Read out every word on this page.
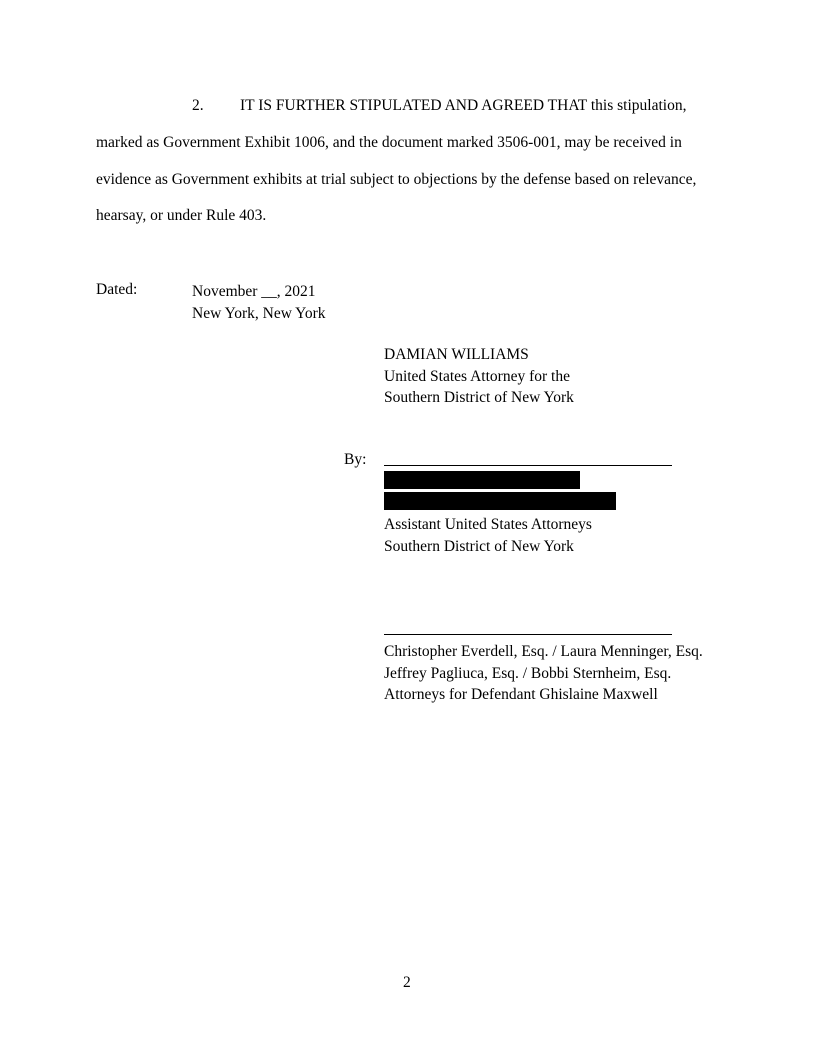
2. IT IS FURTHER STIPULATED AND AGREED THAT this stipulation,
marked as Government Exhibit 1006, and the document marked 3506-001, may be received in
evidence as Government exhibits at trial subject to objections by the defense based on relevance,
hearsay, or under Rule 403.
Dated:	November __, 2021
New York, New York
DAMIAN WILLIAMS
United States Attorney for the
Southern District of New York
By:
Assistant United States Attorneys
Southern District of New York
Christopher Everdell, Esq. / Laura Menninger, Esq.
Jeffrey Pagliuca, Esq. / Bobbi Sternheim, Esq.
Attorneys for Defendant Ghislaine Maxwell
2
